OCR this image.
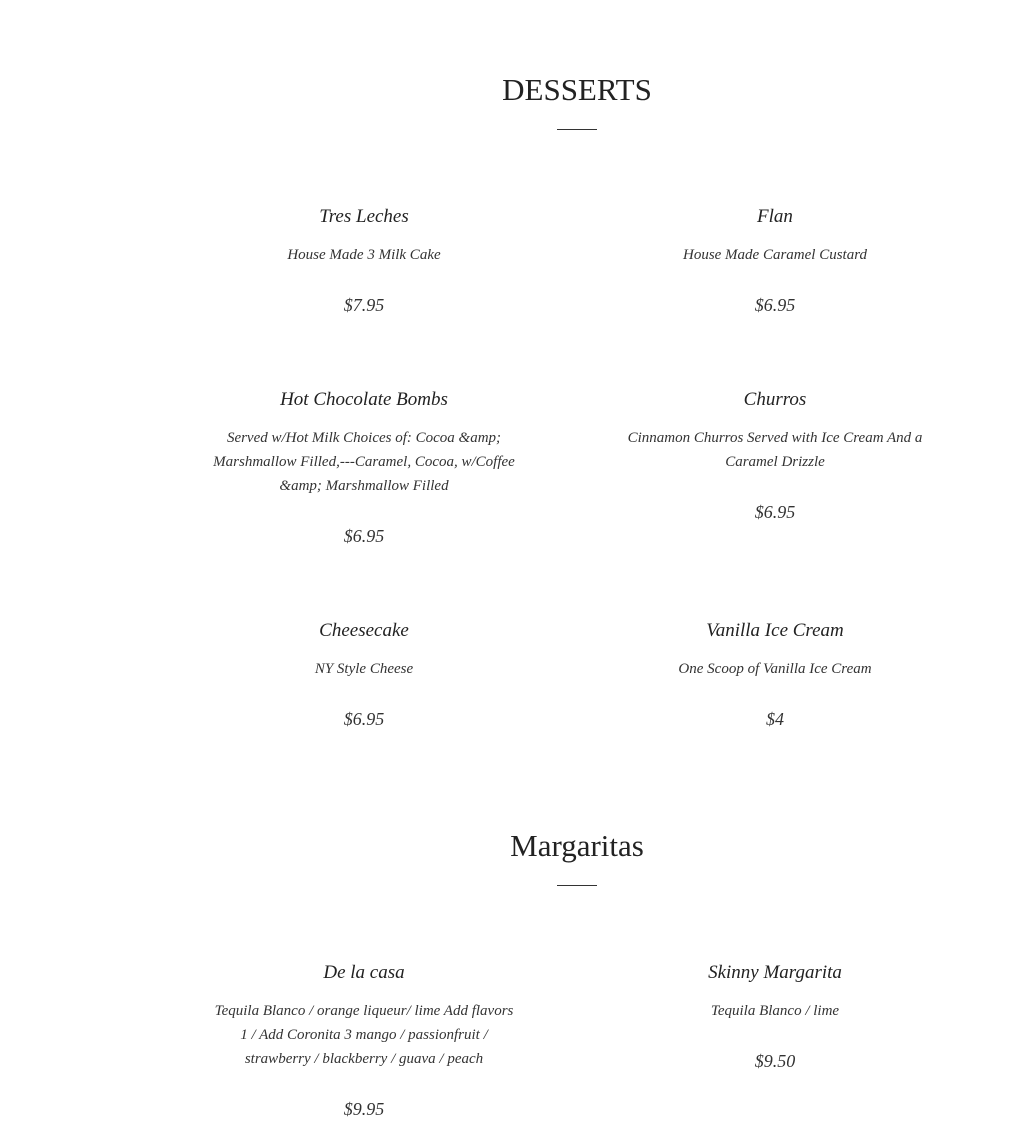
DESSERTS
Tres Leches
House Made 3 Milk Cake
$7.95
Flan
House Made Caramel Custard
$6.95
Hot Chocolate Bombs
Served w/Hot Milk Choices of: Cocoa &amp; Marshmallow Filled,---Caramel, Cocoa, w/Coffee &amp; Marshmallow Filled
$6.95
Churros
Cinnamon Churros Served with Ice Cream And a Caramel Drizzle
$6.95
Cheesecake
NY Style Cheese
$6.95
Vanilla Ice Cream
One Scoop of Vanilla Ice Cream
$4
Margaritas
De la casa
Tequila Blanco / orange liqueur/ lime Add flavors 1 / Add Coronita 3 mango / passionfruit / strawberry / blackberry / guava / peach
$9.95
Skinny Margarita
Tequila Blanco / lime
$9.50
